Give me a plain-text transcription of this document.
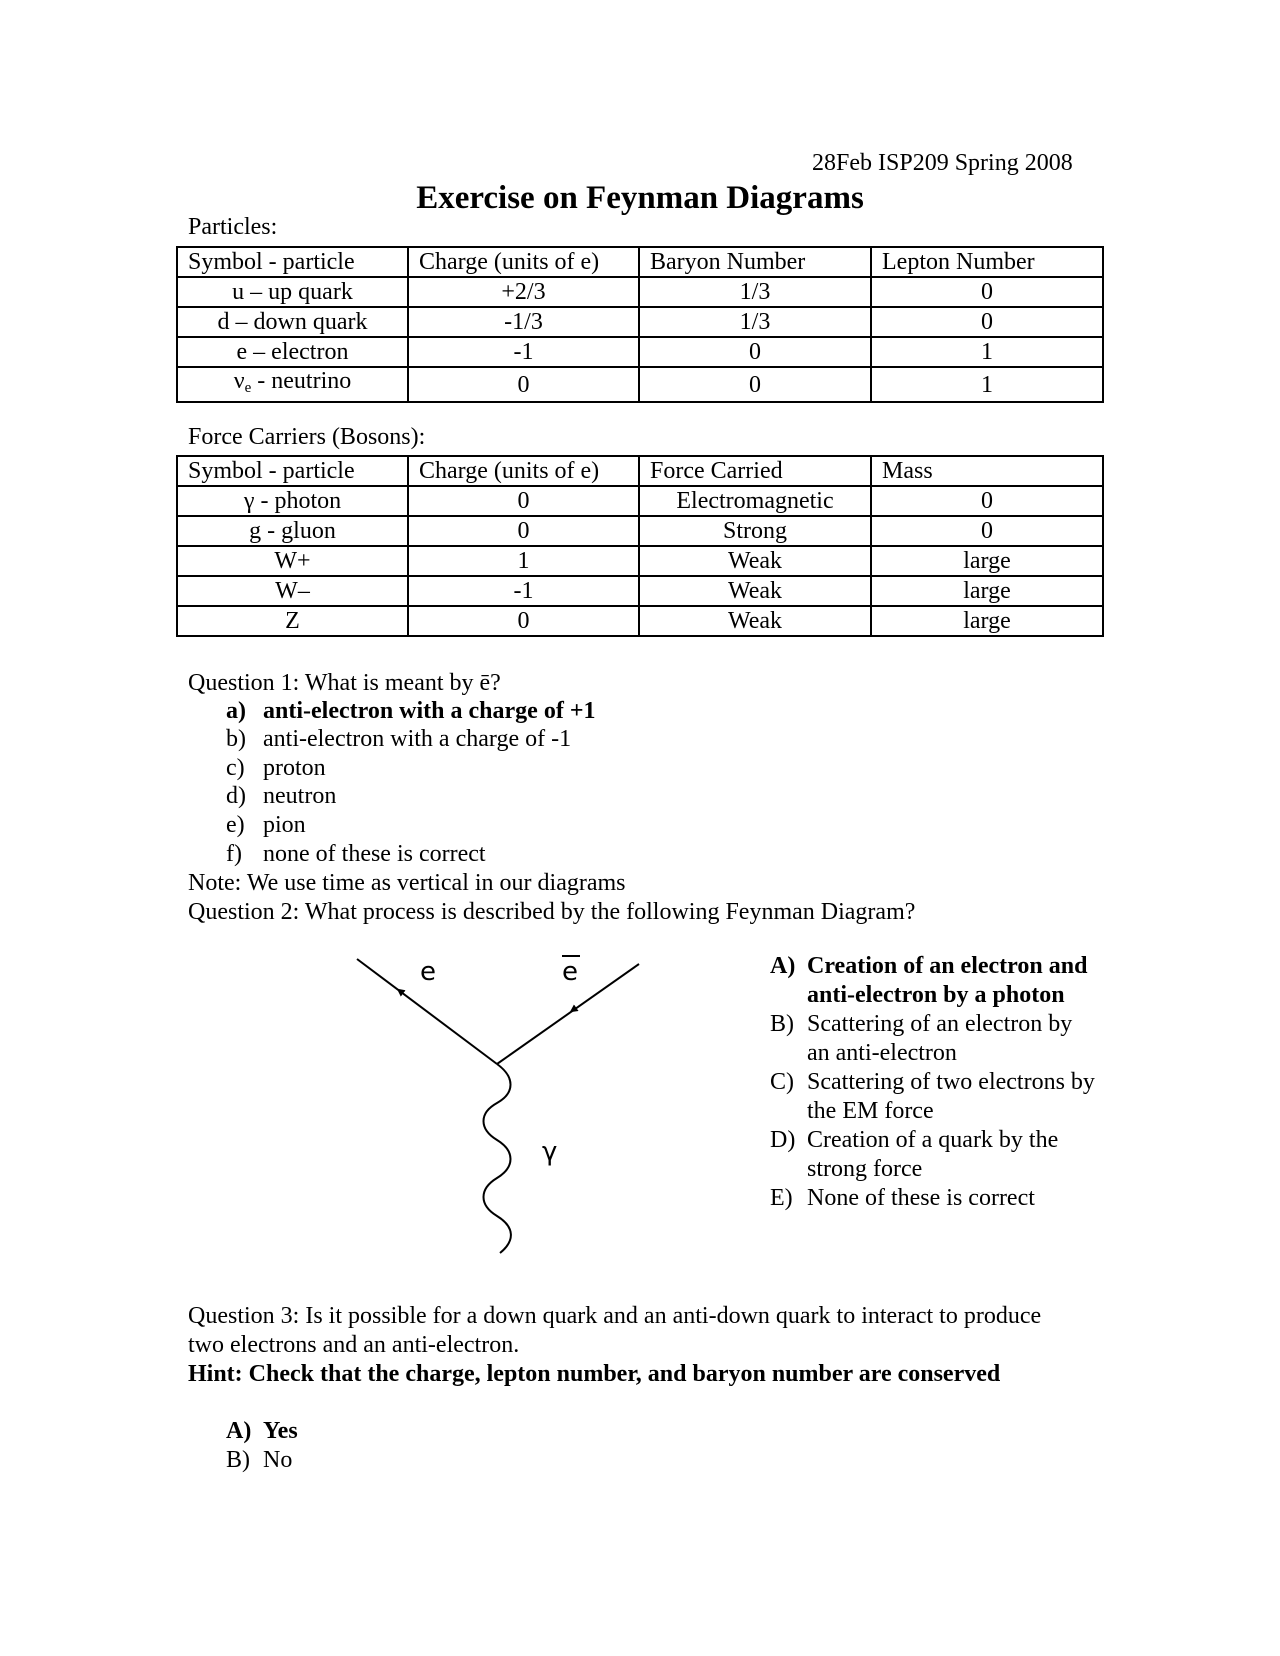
28Feb ISP209 Spring 2008
Exercise on Feynman Diagrams
Particles:
Symbol - particle	Charge (units of e)	Baryon Number	Lepton Number
u – up quark	+2/3	1/3	0
d – down quark	-1/3	1/3	0
e – electron	-1	0	1
$\nu_e$ - neutrino	0	0	1
Force Carriers (Bosons):
Symbol - particle	Charge (units of e)	Force Carried	Mass
γ - photon	0	Electromagnetic	0
g - gluon	0	Strong	0
W+	1	Weak	large
W–	-1	Weak	large
Z	0	Weak	large
Question 1: What is meant by ē?
a) anti-electron with a charge of +1
b) anti-electron with a charge of -1
c) proton
d) neutron
e) pion
f) none of these is correct
Note: We use time as vertical in our diagrams
Question 2: What process is described by the following Feynman Diagram?
e	e
γ
A) Creation of an electron and anti-electron by a photon
B) Scattering of an electron by an anti-electron
C) Scattering of two electrons by the EM force
D) Creation of a quark by the strong force
E) None of these is correct
Question 3: Is it possible for a down quark and an anti-down quark to interact to produce
two electrons and an anti-electron.
Hint: Check that the charge, lepton number, and baryon number are conserved
A) Yes
B) No
